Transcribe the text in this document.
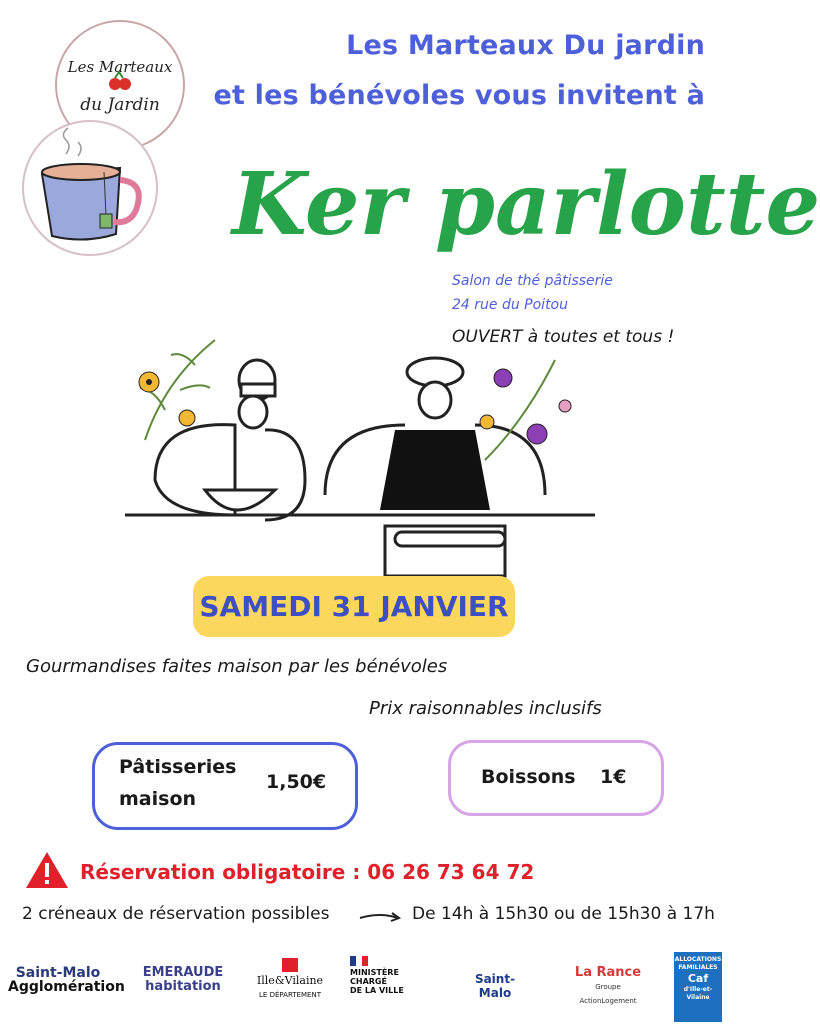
Les Marteaux
du Jardin
Les Marteaux Du jardin
et les bénévoles vous invitent à
Ker parlotte
Salon de thé pâtisserie
24 rue du Poitou
OUVERT à toutes et tous !
SAMEDI 31 JANVIER
Gourmandises faites maison par les bénévoles
Prix raisonnables inclusifs
Pâtisseries
maison
1,50€	Boissons 1€
Réservation obligatoire : 06 26 73 64 72
2 créneaux de réservation possibles	De 14h à 15h30 ou de 15h30 à 17h
Saint-Malo
Agglomération
EMERAUDE
habitation	Ille&Vilaine
LE DÉPARTEMENT
MINISTÈRE
CHARGÉ
DE LA VILLE
Saint-Malo
La Rance
Groupe ActionLogement
ALLOCATIONS FAMILIALES
Caf
d'Ille-et-Vilaine
